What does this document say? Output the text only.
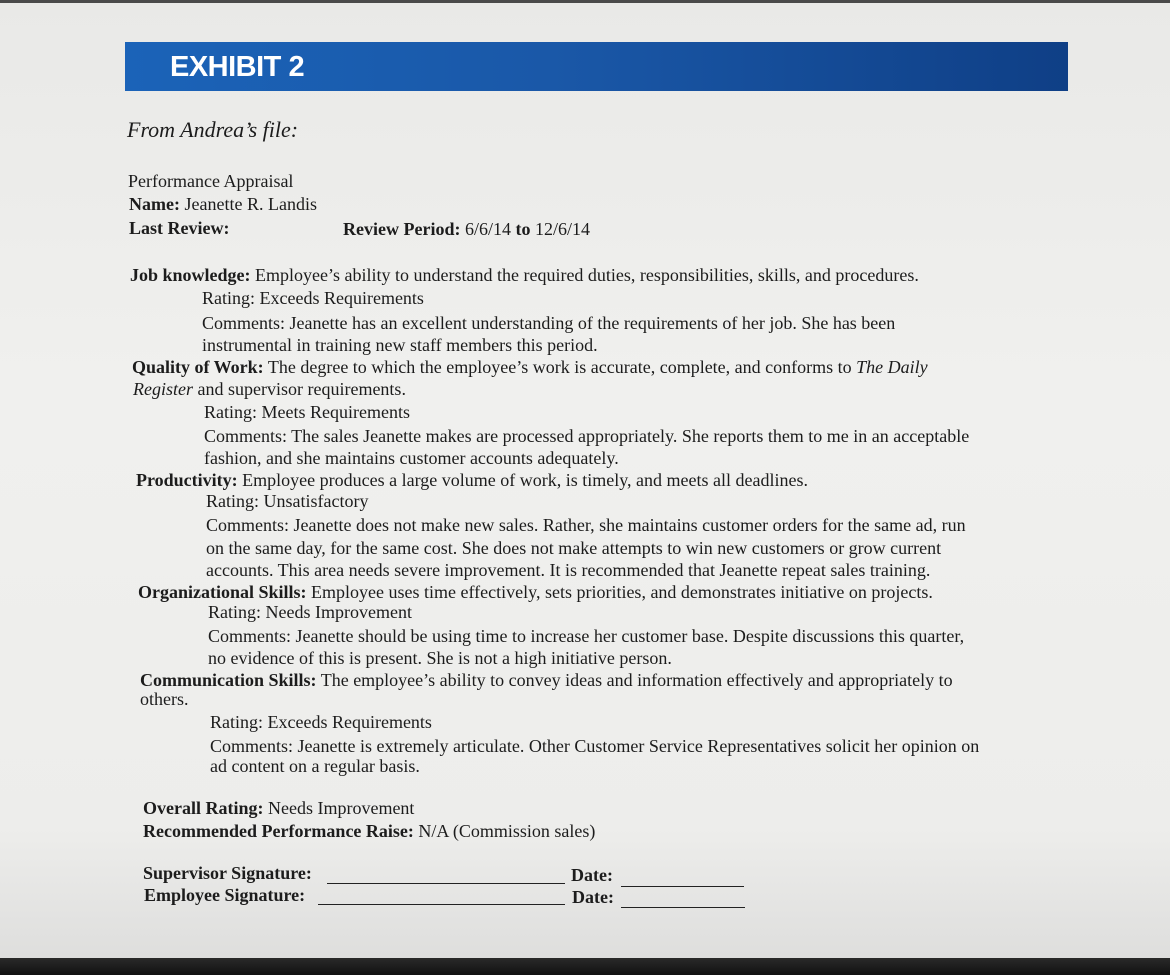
EXHIBIT 2
From Andrea’s file:
Performance Appraisal
Name: Jeanette R. Landis
Last Review:	Review Period: 6/6/14 to 12/6/14
Job knowledge: Employee’s ability to understand the required duties, responsibilities, skills, and procedures.
Rating: Exceeds Requirements
Comments: Jeanette has an excellent understanding of the requirements of her job. She has been
instrumental in training new staff members this period.
Quality of Work: The degree to which the employee’s work is accurate, complete, and conforms to The Daily
Register and supervisor requirements.
Rating: Meets Requirements
Comments: The sales Jeanette makes are processed appropriately. She reports them to me in an acceptable
fashion, and she maintains customer accounts adequately.
Productivity: Employee produces a large volume of work, is timely, and meets all deadlines.
Rating: Unsatisfactory
Comments: Jeanette does not make new sales. Rather, she maintains customer orders for the same ad, run
on the same day, for the same cost. She does not make attempts to win new customers or grow current
accounts. This area needs severe improvement. It is recommended that Jeanette repeat sales training.
Organizational Skills: Employee uses time effectively, sets priorities, and demonstrates initiative on projects.
Rating: Needs Improvement
Comments: Jeanette should be using time to increase her customer base. Despite discussions this quarter,
no evidence of this is present. She is not a high initiative person.
Communication Skills: The employee’s ability to convey ideas and information effectively and appropriately to
others.
Rating: Exceeds Requirements
Comments: Jeanette is extremely articulate. Other Customer Service Representatives solicit her opinion on
ad content on a regular basis.
Overall Rating: Needs Improvement
Recommended Performance Raise: N/A (Commission sales)
Supervisor Signature:	Date:
Employee Signature:	Date:
